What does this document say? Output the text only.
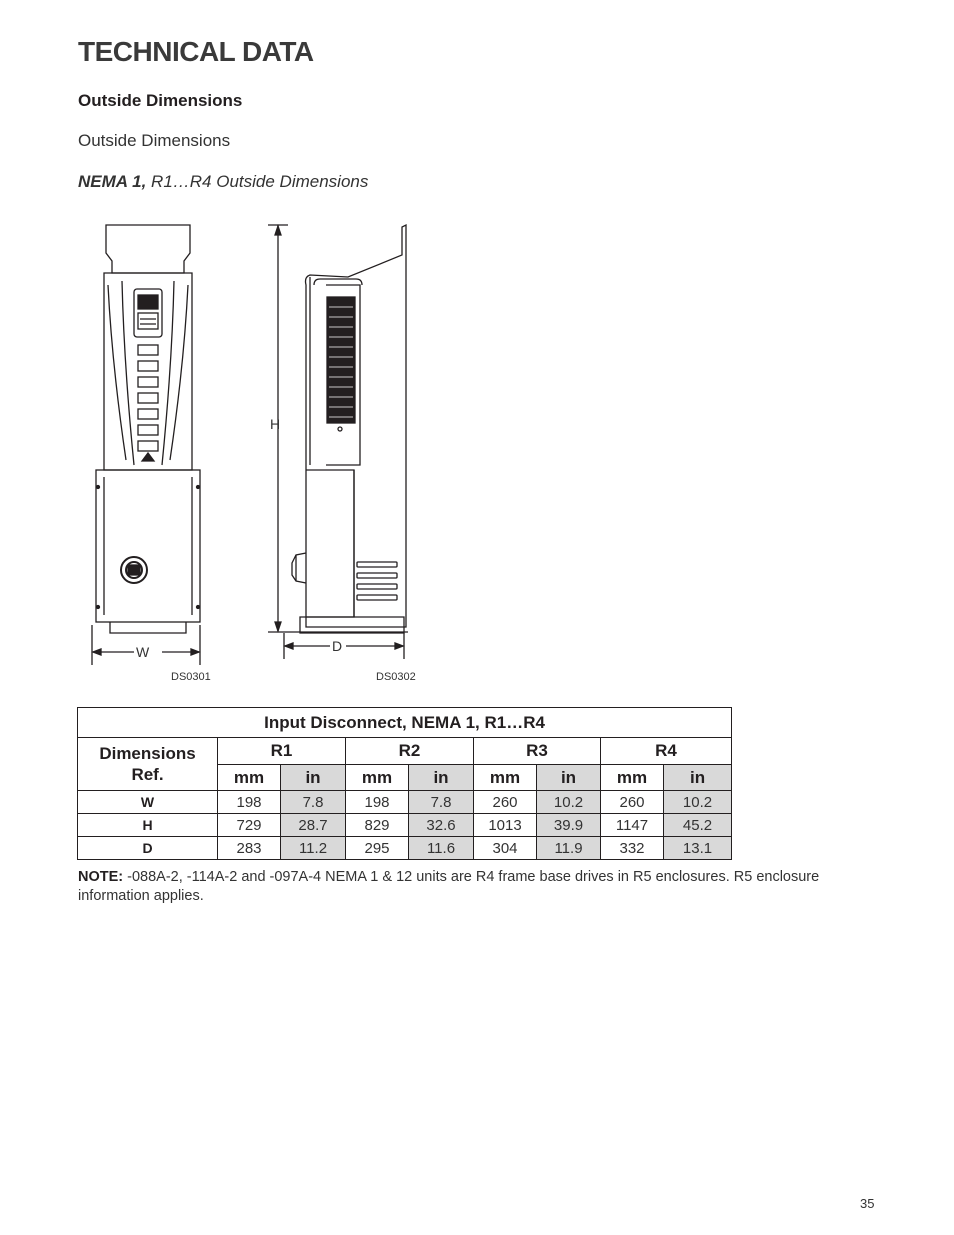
TECHNICAL DATA
Outside Dimensions
Outside Dimensions
NEMA 1, R1…R4 Outside Dimensions
H
W	D
DS0301	DS0302
Input Disconnect, NEMA 1, R1…R4								
Dimensions
Ref.	R1		R2		R3		R4	
	mm	in	mm	in	mm	in	mm	in
W	198	7.8	198	7.8	260	10.2	260	10.2
H	729	28.7	829	32.6	1013	39.9	1147	45.2
D	283	11.2	295	11.6	304	11.9	332	13.1
NOTE: -088A-2, -114A-2 and -097A-4 NEMA 1 & 12 units are R4 frame base drives in R5 enclosures. R5 enclosure information applies.
35
